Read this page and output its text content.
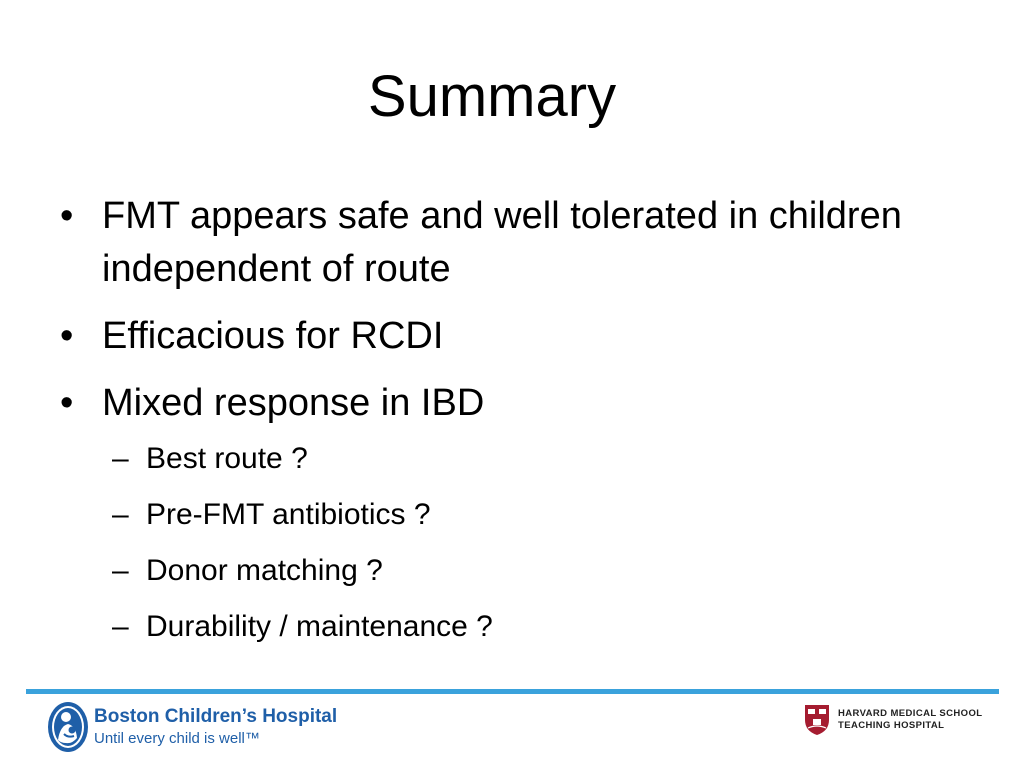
Summary
• FMT appears safe and well tolerated in children independent of route
• Efficacious for RCDI
• Mixed response in IBD
– Best route ?
– Pre-FMT antibiotics ?
– Donor matching ?
– Durability / maintenance ?
Boston Children’s Hospital
Until every child is well™
HARVARD MEDICAL SCHOOL
TEACHING HOSPITAL
